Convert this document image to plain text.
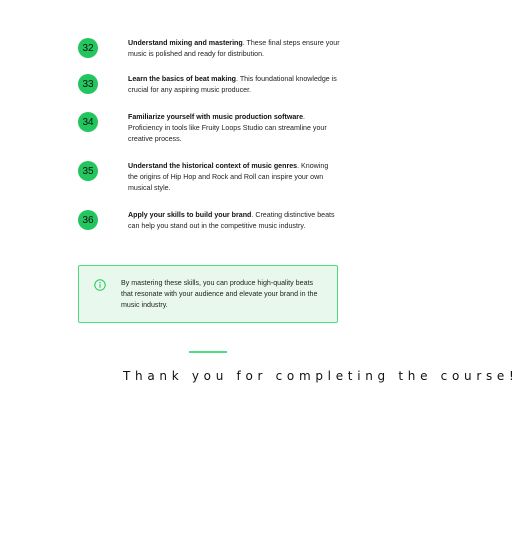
32	Understand mixing and mastering. These final steps ensure your music is polished and ready for distribution.
33	Learn the basics of beat making. This foundational knowledge is crucial for any aspiring music producer.
34	Familiarize yourself with music production software. Proficiency in tools like Fruity Loops Studio can streamline your creative process.
35	Understand the historical context of music genres. Knowing the origins of Hip Hop and Rock and Roll can inspire your own musical style.
36	Apply your skills to build your brand. Creating distinctive beats can help you stand out in the competitive music industry.
By mastering these skills, you can produce high-quality beats that resonate with your audience and elevate your brand in the music industry.
Thank you for completing the course!
